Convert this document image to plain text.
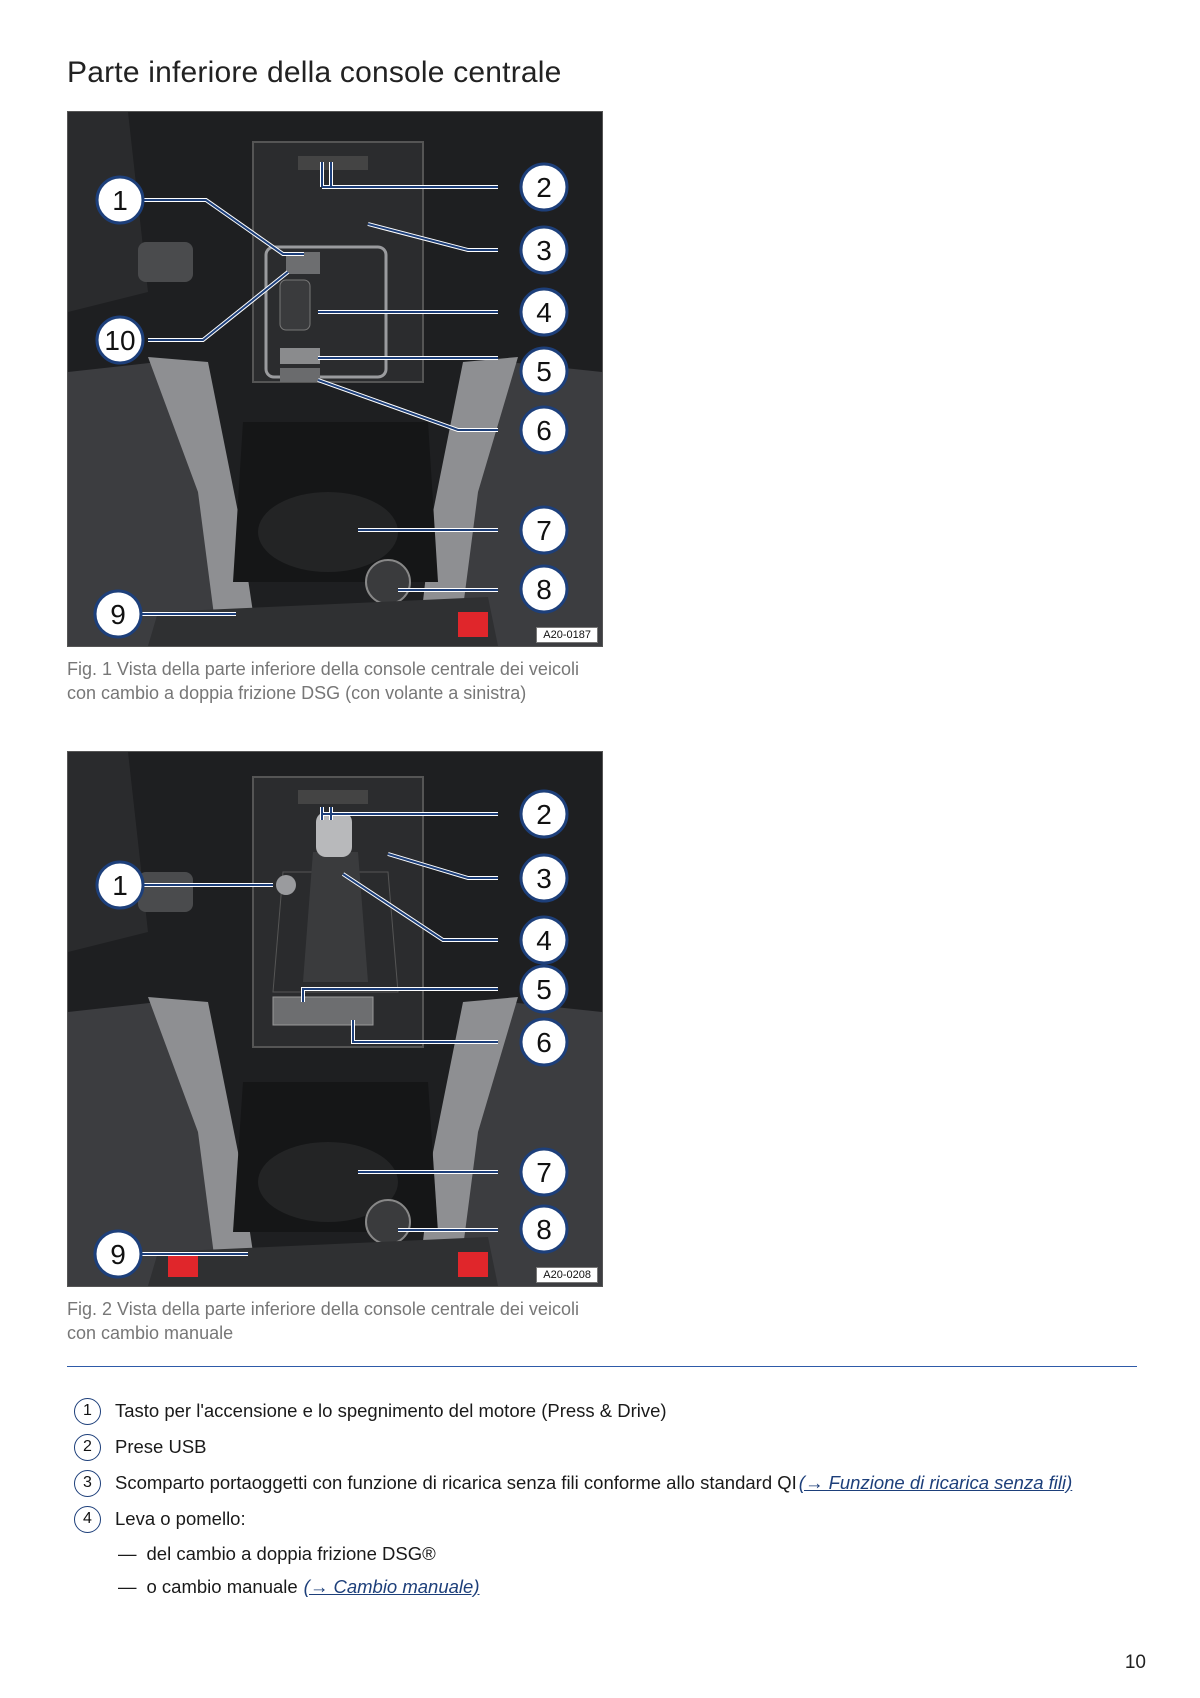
Parte inferiore della console centrale
1	2
3
4
5
6
7
8
9
10
A20-0187

Fig. 1 Vista della parte inferiore della console centrale dei veicoli con cambio a doppia frizione DSG (con volante a sinistra)

1
2
3
4
5
6
7
8
9
A20-0208

Fig. 2 Vista della parte inferiore della console centrale dei veicoli con cambio manuale

1	Tasto per l'accensione e lo spegnimento del motore (Press & Drive)
2	Prese USB
3	Scomparto portaoggetti con funzione di ricarica senza fili conforme allo standard QI (→ Funzione di ricarica senza fili)
4	Leva o pomello:
— del cambio a doppia frizione DSG®
— o cambio manuale (→ Cambio manuale)
10
